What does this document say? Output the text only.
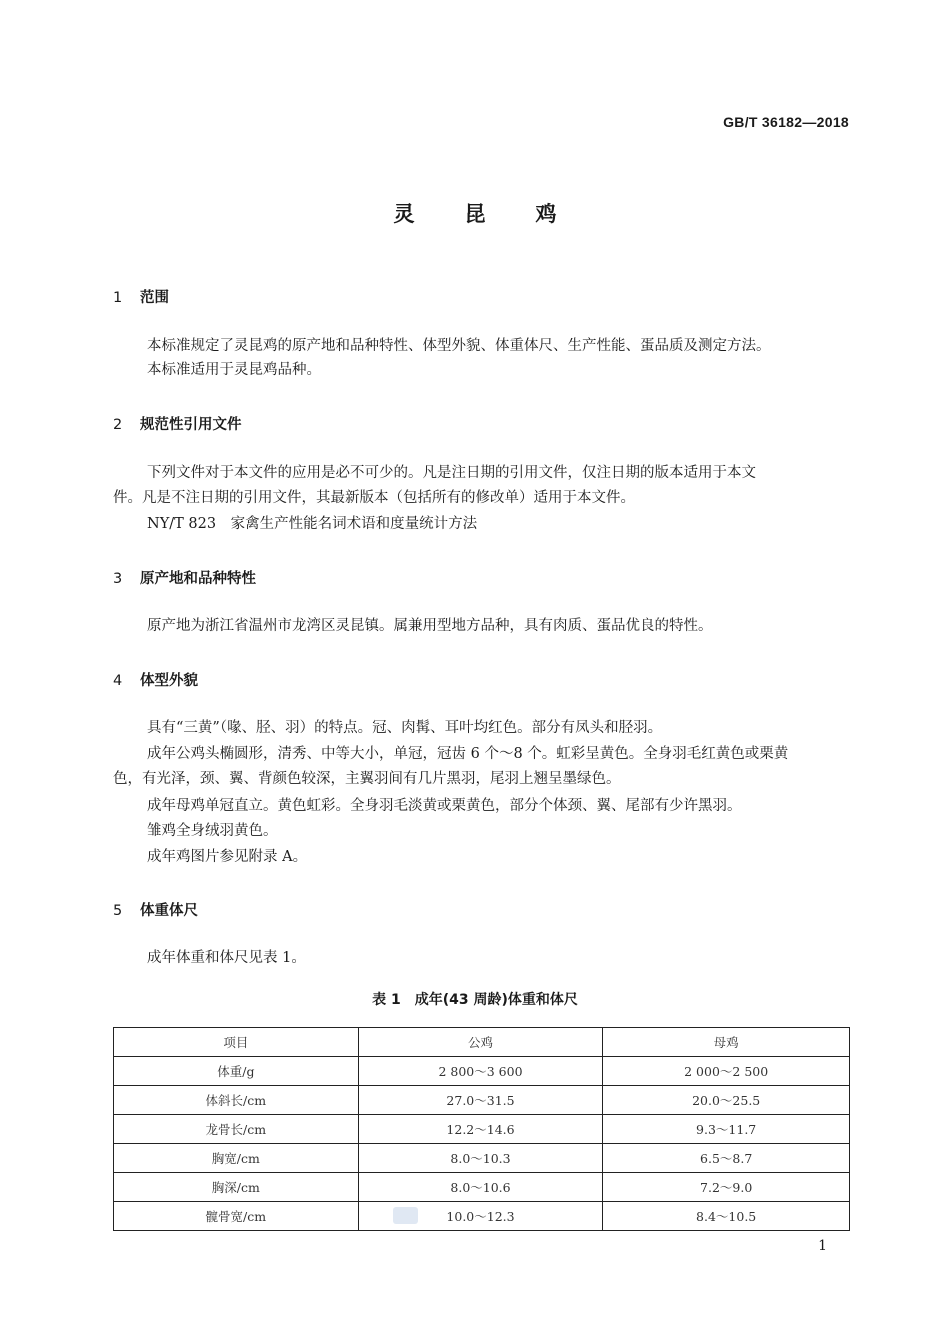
GB/T 36182—2018
灵昆鸡
1 范围
本标准规定了灵昆鸡的原产地和品种特性、体型外貌、体重体尺、生产性能、蛋品质及测定方法。
本标准适用于灵昆鸡品种。
2 规范性引用文件
下列文件对于本文件的应用是必不可少的。凡是注日期的引用文件，仅注日期的版本适用于本文
件。凡是不注日期的引用文件，其最新版本（包括所有的修改单）适用于本文件。
NY/T 823　家禽生产性能名词术语和度量统计方法
3 原产地和品种特性
原产地为浙江省温州市龙湾区灵昆镇。属兼用型地方品种，具有肉质、蛋品优良的特性。
4 体型外貌
具有“三黄”（喙、胫、羽）的特点。冠、肉髯、耳叶均红色。部分有凤头和胫羽。
成年公鸡头椭圆形，清秀、中等大小，单冠，冠齿 6 个～8 个。虹彩呈黄色。全身羽毛红黄色或栗黄
色，有光泽，颈、翼、背颜色较深，主翼羽间有几片黑羽，尾羽上翘呈墨绿色。
成年母鸡单冠直立。黄色虹彩。全身羽毛淡黄或栗黄色，部分个体颈、翼、尾部有少许黑羽。
雏鸡全身绒羽黄色。
成年鸡图片参见附录 A。
5 体重体尺
成年体重和体尺见表 1。
表 1　成年(43 周龄)体重和体尺
项目	公鸡	母鸡
体重/g	2 800～3 600	2 000～2 500
体斜长/cm	27.0～31.5	20.0～25.5
龙骨长/cm	12.2～14.6	9.3～11.7
胸宽/cm	8.0～10.3	6.5～8.7
胸深/cm	8.0～10.6	7.2～9.0
髋骨宽/cm	10.0～12.3	8.4～10.5
1
